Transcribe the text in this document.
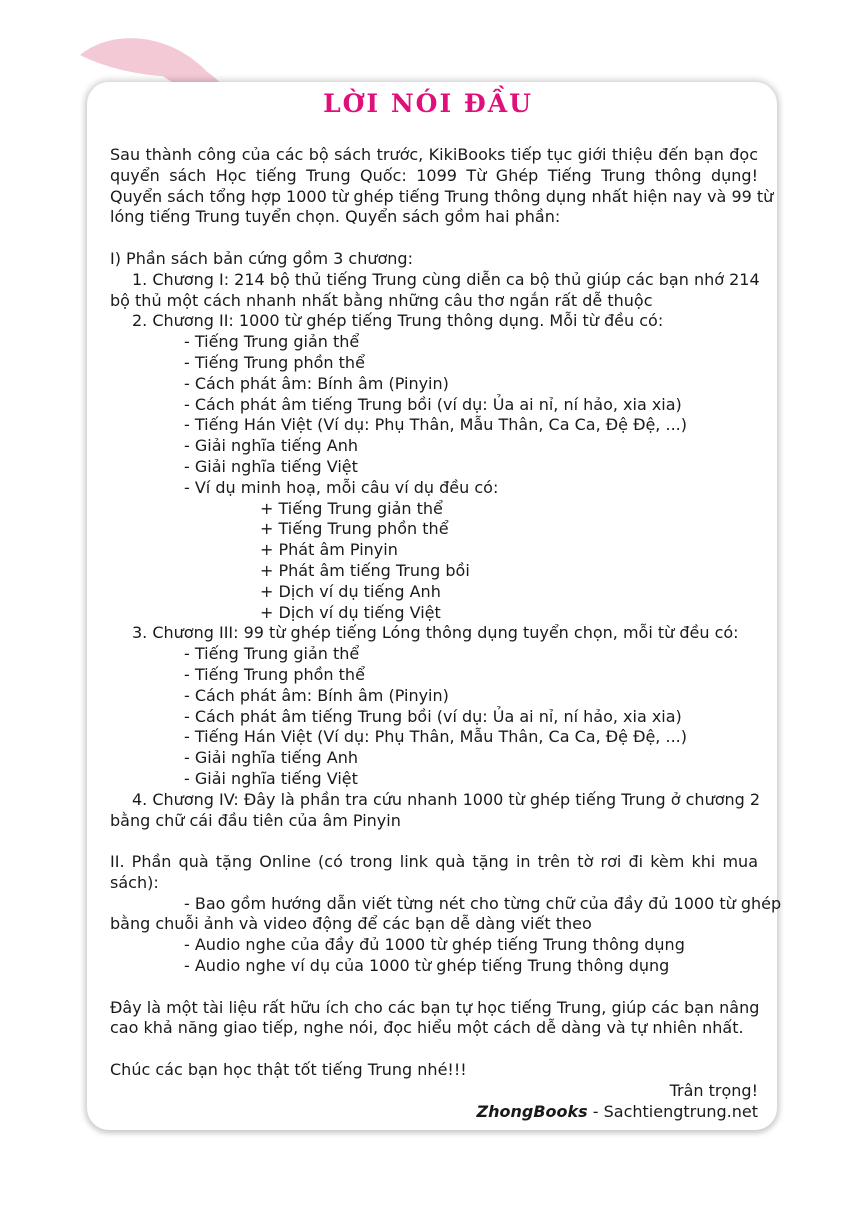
LỜI NÓI ĐẦU
Sau thành công của các bộ sách trước, KikiBooks tiếp tục giới thiệu đến bạn đọc
quyển sách Học tiếng Trung Quốc: 1099 Từ Ghép Tiếng Trung thông dụng!
Quyển sách tổng hợp 1000 từ ghép tiếng Trung thông dụng nhất hiện nay và 99 từ
lóng tiếng Trung tuyển chọn. Quyển sách gồm hai phần:
I) Phần sách bản cứng gồm 3 chương:
1. Chương I: 214 bộ thủ tiếng Trung cùng diễn ca bộ thủ giúp các bạn nhớ 214
bộ thủ một cách nhanh nhất bằng những câu thơ ngắn rất dễ thuộc
2. Chương II: 1000 từ ghép tiếng Trung thông dụng. Mỗi từ đều có:
- Tiếng Trung giản thể
- Tiếng Trung phồn thể
- Cách phát âm: Bính âm (Pinyin)
- Cách phát âm tiếng Trung bồi (ví dụ: Ủa ai nỉ, ní hảo, xia xia)
- Tiếng Hán Việt (Ví dụ: Phụ Thân, Mẫu Thân, Ca Ca, Đệ Đệ, ...)
- Giải nghĩa tiếng Anh
- Giải nghĩa tiếng Việt
- Ví dụ minh hoạ, mỗi câu ví dụ đều có:
+ Tiếng Trung giản thể
+ Tiếng Trung phồn thể
+ Phát âm Pinyin
+ Phát âm tiếng Trung bồi
+ Dịch ví dụ tiếng Anh
+ Dịch ví dụ tiếng Việt
3. Chương III: 99 từ ghép tiếng Lóng thông dụng tuyển chọn, mỗi từ đều có:
- Tiếng Trung giản thể
- Tiếng Trung phồn thể
- Cách phát âm: Bính âm (Pinyin)
- Cách phát âm tiếng Trung bồi (ví dụ: Ủa ai nỉ, ní hảo, xia xia)
- Tiếng Hán Việt (Ví dụ: Phụ Thân, Mẫu Thân, Ca Ca, Đệ Đệ, ...)
- Giải nghĩa tiếng Anh
- Giải nghĩa tiếng Việt
4. Chương IV: Đây là phần tra cứu nhanh 1000 từ ghép tiếng Trung ở chương 2
bằng chữ cái đầu tiên của âm Pinyin
II. Phần quà tặng Online (có trong link quà tặng in trên tờ rơi đi kèm khi mua
sách):
- Bao gồm hướng dẫn viết từng nét cho từng chữ của đầy đủ 1000 từ ghép
bằng chuỗi ảnh và video động để các bạn dễ dàng viết theo
- Audio nghe của đầy đủ 1000 từ ghép tiếng Trung thông dụng
- Audio nghe ví dụ của 1000 từ ghép tiếng Trung thông dụng
Đây là một tài liệu rất hữu ích cho các bạn tự học tiếng Trung, giúp các bạn nâng
cao khả năng giao tiếp, nghe nói, đọc hiểu một cách dễ dàng và tự nhiên nhất.
Chúc các bạn học thật tốt tiếng Trung nhé!!!
Trân trọng!
ZhongBooks - Sachtiengtrung.net
